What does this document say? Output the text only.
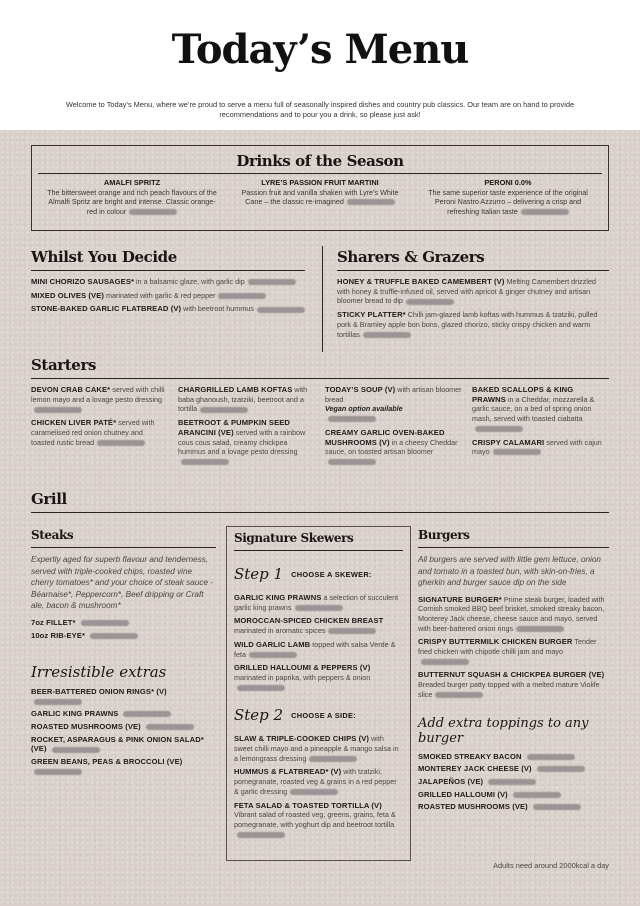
Today’s Menu
Welcome to Today’s Menu, where we’re proud to serve a menu full of seasonally inspired dishes and country pub classics. Our team are on hand to provide recommendations and to pour you a drink, so please just ask!
Drinks of the Season
AMALFI SPRITZ
The bittersweet orange and rich peach flavours of the Almalfi Spritz are bright and intense. Classic orange-red in colour
LYRE’S PASSION FRUIT MARTINI
Passion fruit and vanilla shaken with Lyre’s White Cane – the classic re-imagined
PERONI 0.0%
The same superior taste experience of the original Peroni Nastro Azzurro – delivering a crisp and refreshing Italian taste
Whilst You Decide
MINI CHORIZO SAUSAGES* in a balsamic glaze, with garlic dip
MIXED OLIVES (VE) marinated with garlic & red pepper
STONE-BAKED GARLIC FLATBREAD (V) with beetroot hummus
Sharers & Grazers
HONEY & TRUFFLE BAKED CAMEMBERT (V) Melting Camembert drizzled with honey & truffle-infused oil, served with apricot & ginger chutney and artisan bloomer bread to dip
STICKY PLATTER* Chilli jam-glazed lamb koftas with hummus & tzatziki, pulled pork & Bramley apple bon bons, glazed chorizo, sticky crispy chicken and warm tortillas
Starters
DEVON CRAB CAKE* served with chilli lemon mayo and a lovage pesto dressing
CHICKEN LIVER PATÉ* served with caramelised red onion chutney and toasted rustic bread
CHARGRILLED LAMB KOFTAS with baba ghanoush, tzatziki, beetroot and a tortilla
BEETROOT & PUMPKIN SEED ARANCINI (VE) served with a rainbow cous cous salad, creamy chickpea hummus and a lovage pesto dressing
TODAY’S SOUP (V) with artisan bloomer bread
Vegan option available
CREAMY GARLIC OVEN-BAKED MUSHROOMS (V) in a cheesy Cheddar sauce, on toasted artisan bloomer
BAKED SCALLOPS & KING PRAWNS in a Cheddar, mozzarella & garlic sauce, on a bed of spring onion mash, served with toasted ciabatta
CRISPY CALAMARI served with cajun mayo
Grill
Steaks
Expertly aged for superb flavour and tenderness, served with triple-cooked chips, roasted vine cherry tomatoes* and your choice of steak sauce - Béarnaise*, Peppercorn*, Beef dripping or Craft ale, bacon & mushroom*
7oz FILLET*
10oz RIB-EYE*
Irresistible extras
BEER-BATTERED ONION RINGS* (V)
GARLIC KING PRAWNS
ROASTED MUSHROOMS (VE)
ROCKET, ASPARAGUS & PINK ONION SALAD* (VE)
GREEN BEANS, PEAS & BROCCOLI (VE)
Signature Skewers
Step 1 CHOOSE A SKEWER:
GARLIC KING PRAWNS a selection of succulent garlic king prawns
MOROCCAN-SPICED CHICKEN BREAST marinated in aromatic spices
WILD GARLIC LAMB topped with salsa Verde & feta
GRILLED HALLOUMI & PEPPERS (V) marinated in paprika, with peppers & onion
Step 2 CHOOSE A SIDE:
SLAW & TRIPLE-COOKED CHIPS (V) with sweet chilli mayo and a pineapple & mango salsa in a lemongrass dressing
HUMMUS & FLATBREAD* (V) with tzatziki, pomegranate, roasted veg & grains in a red pepper & garlic dressing
FETA SALAD & TOASTED TORTILLA (V) Vibrant salad of roasted veg, greens, grains, feta & pomegranate, with yoghurt dip and beetroot tortilla
Burgers
All burgers are served with little gem lettuce, onion and tomato in a toasted bun, with skin-on-fries, a gherkin and burger sauce dip on the side
SIGNATURE BURGER* Prime steak burger, loaded with Cornish smoked BBQ beef brisket, smoked streaky bacon, Monterey Jack cheese, cheese sauce and mayo, served with beer-battered onion rings
CRISPY BUTTERMILK CHICKEN BURGER Tender fried chicken with chipotle chilli jam and mayo
BUTTERNUT SQUASH & CHICKPEA BURGER (VE) Breaded burger patty topped with a melted mature Violife slice
Add extra toppings to any burger
SMOKED STREAKY BACON
MONTEREY JACK CHEESE (V)
JALAPEÑOS (VE)
GRILLED HALLOUMI (V)
ROASTED MUSHROOMS (VE)
Adults need around 2000kcal a day
